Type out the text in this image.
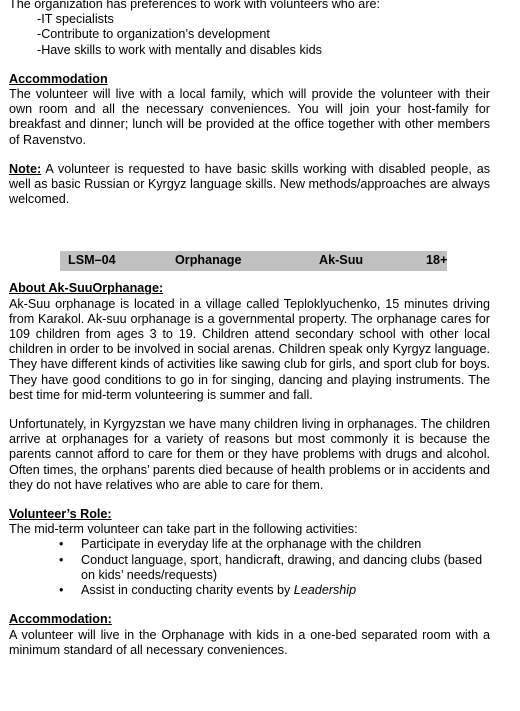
The organization has preferences to work with volunteers who are:

-IT specialists
-Contribute to organization’s development
-Have skills to work with mentally and disables kids

Accommodation

The volunteer will live with a local family, which will provide the volunteer with their own room and all the necessary conveniences. You will join your host-family for breakfast and dinner; lunch will be provided at the office together with other members of Ravenstvo.

Note: A volunteer is requested to have basic skills working with disabled people, as well as basic Russian or Kyrgyz language skills. New methods/approaches are always welcomed.

LSM–04	Orphanage	Ak-Suu	18+

About Ak-SuuOrphanage:

Ak-Suu orphanage is located in a village called Teploklyuchenko, 15 minutes driving from Karakol. Ak-suu orphanage is a governmental property. The orphanage cares for 109 children from ages 3 to 19. Children attend secondary school with other local children in order to be involved in social arenas. Children speak only Kyrgyz language. They have different kinds of activities like sawing club for girls, and sport club for boys. They have good conditions to go in for singing, dancing and playing instruments. The best time for mid-term volunteering is summer and fall.

Unfortunately, in Kyrgyzstan we have many children living in orphanages. The children arrive at orphanages for a variety of reasons but most commonly it is because the parents cannot afford to care for them or they have problems with drugs and alcohol. Often times, the orphans’ parents died because of health problems or in accidents and they do not have relatives who are able to care for them.

Volunteer’s Role:

The mid-term volunteer can take part in the following activities:

• Participate in everyday life at the orphanage with the children
• Conduct language, sport, handicraft, drawing, and dancing clubs (based on kids’ needs/requests)
• Assist in conducting charity events by Leadership

Accommodation:

A volunteer will live in the Orphanage with kids in a one-bed separated room with a minimum standard of all necessary conveniences.
